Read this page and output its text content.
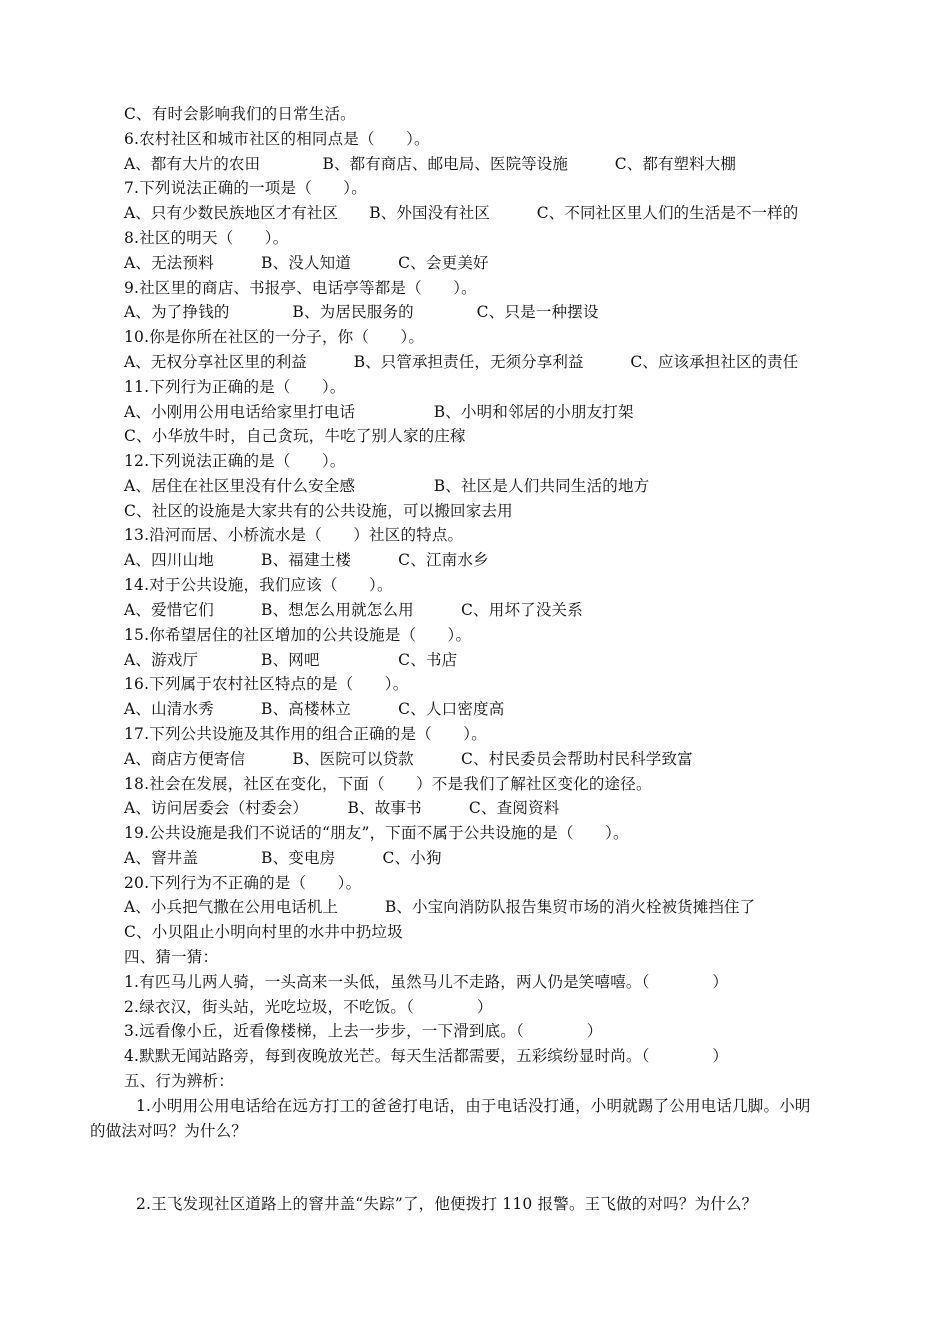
C、有时会影响我们的日常生活。
6.农村社区和城市社区的相同点是（　　）。
A、都有大片的农田　　　　B、都有商店、邮电局、医院等设施　　　C、都有塑料大棚
7.下列说法正确的一项是（　　）。
A、只有少数民族地区才有社区　　B、外国没有社区　　　C、不同社区里人们的生活是不一样的
8.社区的明天（　　）。
A、无法预料　　　B、没人知道　　　C、会更美好
9.社区里的商店、书报亭、电话亭等都是（　　）。
A、为了挣钱的　　　　B、为居民服务的　　　　C、只是一种摆设
10.你是你所在社区的一分子，你（　　）。
A、无权分享社区里的利益　　　B、只管承担责任，无须分享利益　　　C、应该承担社区的责任
11.下列行为正确的是（　　）。
A、小刚用公用电话给家里打电话　　　　　B、小明和邻居的小朋友打架
C、小华放牛时，自己贪玩，牛吃了别人家的庄稼
12.下列说法正确的是（　　）。
A、居住在社区里没有什么安全感　　　　　B、社区是人们共同生活的地方
C、社区的设施是大家共有的公共设施，可以搬回家去用
13.沿河而居、小桥流水是（　　）社区的特点。
A、四川山地　　　B、福建土楼　　　C、江南水乡
14.对于公共设施，我们应该（　　）。
A、爱惜它们　　　B、想怎么用就怎么用　　　C、用坏了没关系
15.你希望居住的社区增加的公共设施是（　　）。
A、游戏厅　　　　B、网吧　　　　　C、书店
16.下列属于农村社区特点的是（　　）。
A、山清水秀　　　B、高楼林立　　　C、人口密度高
17.下列公共设施及其作用的组合正确的是（　　）。
A、商店方便寄信　　　B、医院可以贷款　　　C、村民委员会帮助村民科学致富
18.社会在发展，社区在变化，下面（　　）不是我们了解社区变化的途径。
A、访问居委会（村委会）　　　B、故事书　　　C、查阅资料
19.公共设施是我们不说话的“朋友”，下面不属于公共设施的是（　　）。
A、窨井盖　　　　B、变电房　　　C、小狗
20.下列行为不正确的是（　　）。
A、小兵把气撒在公用电话机上　　　B、小宝向消防队报告集贸市场的消火栓被货摊挡住了
C、小贝阻止小明向村里的水井中扔垃圾
四、猜一猜：
1.有匹马儿两人骑，一头高来一头低，虽然马儿不走路，两人仍是笑嘻嘻。（　　　　）
2.绿衣汉，街头站，光吃垃圾，不吃饭。（　　　　）
3.远看像小丘，近看像楼梯，上去一步步，一下滑到底。（　　　　）
4.默默无闻站路旁，每到夜晚放光芒。每天生活都需要，五彩缤纷显时尚。（　　　　）
五、行为辨析：
1.小明用公用电话给在远方打工的爸爸打电话，由于电话没打通，小明就踢了公用电话几脚。小明
的做法对吗？为什么？
2.王飞发现社区道路上的窨井盖“失踪”了，他便拨打 110 报警。王飞做的对吗？为什么？
